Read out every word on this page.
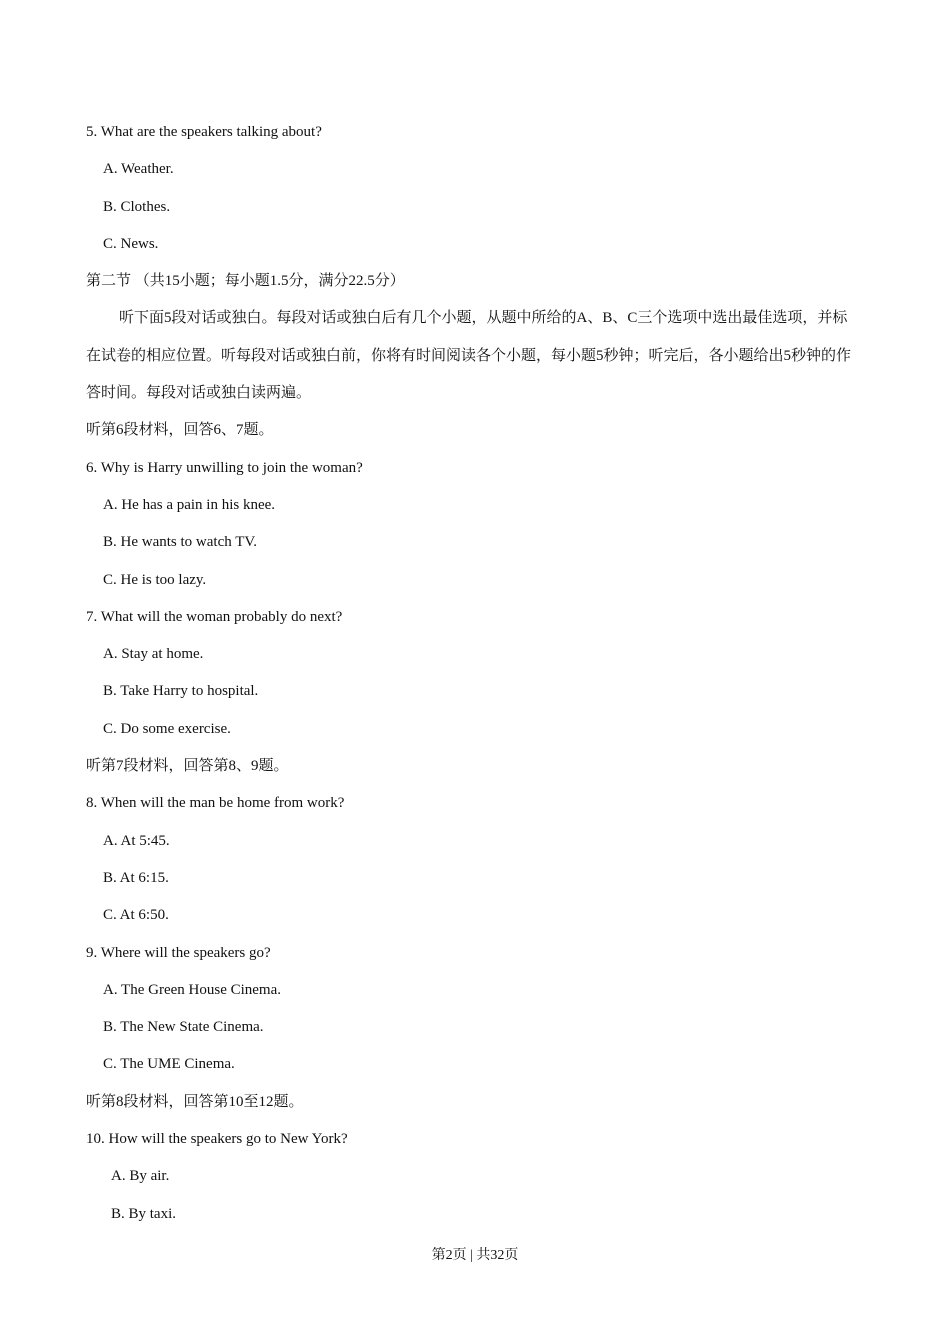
5. What are the speakers talking about?
A. Weather.
B. Clothes.
C. News.
第二节 （共15小题；每小题1.5分，满分22.5分）

听下面5段对话或独白。每段对话或独白后有几个小题，从题中所给的A、B、C三个选项中选出最佳选项，并标在试卷的相应位置。听每段对话或独白前，你将有时间阅读各个小题，每小题5秒钟；听完后，各小题给出5秒钟的作答时间。每段对话或独白读两遍。

听第6段材料，回答6、7题。
6. Why is Harry unwilling to join the woman?
A. He has a pain in his knee.
B. He wants to watch TV.
C. He is too lazy.
7. What will the woman probably do next?
A. Stay at home.
B. Take Harry to hospital.
C. Do some exercise.
听第7段材料，回答第8、9题。
8. When will the man be home from work?
A. At 5:45.
B. At 6:15.
C. At 6:50.
9. Where will the speakers go?
A. The Green House Cinema.
B. The New State Cinema.
C. The UME Cinema.
听第8段材料，回答第10至12题。
10. How will the speakers go to New York?
A. By air.
B. By taxi.
第2页 | 共32页
